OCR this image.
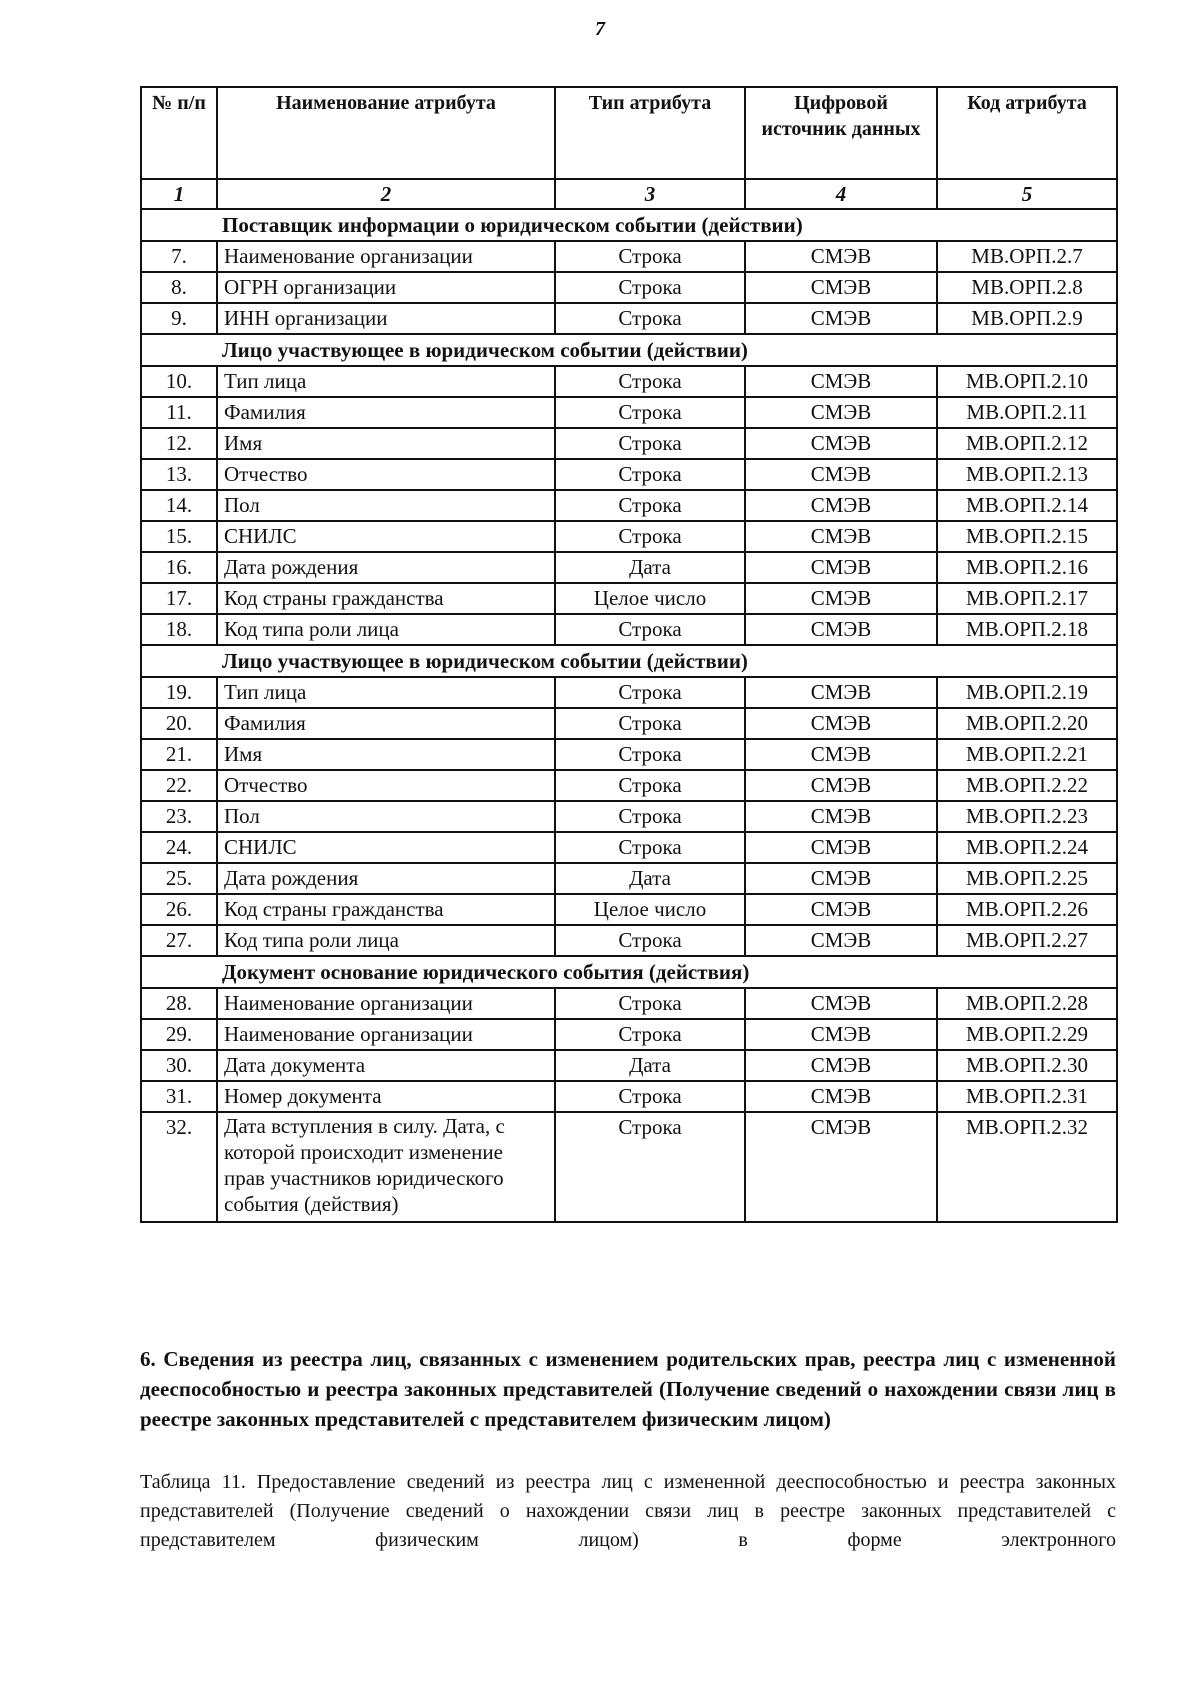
7
№ п/п	Наименование атрибута	Тип атрибута	Цифровой источник данных	Код атрибута
1	2	3	4	5
Поставщик информации о юридическом событии (действии)				
7.	Наименование организации	Строка	СМЭВ	МВ.ОРП.2.7
8.	ОГРН организации	Строка	СМЭВ	МВ.ОРП.2.8
9.	ИНН организации	Строка	СМЭВ	МВ.ОРП.2.9
Лицо участвующее в юридическом событии (действии)				
10.	Тип лица	Строка	СМЭВ	МВ.ОРП.2.10
11.	Фамилия	Строка	СМЭВ	МВ.ОРП.2.11
12.	Имя	Строка	СМЭВ	МВ.ОРП.2.12
13.	Отчество	Строка	СМЭВ	МВ.ОРП.2.13
14.	Пол	Строка	СМЭВ	МВ.ОРП.2.14
15.	СНИЛС	Строка	СМЭВ	МВ.ОРП.2.15
16.	Дата рождения	Дата	СМЭВ	МВ.ОРП.2.16
17.	Код страны гражданства	Целое число	СМЭВ	МВ.ОРП.2.17
18.	Код типа роли лица	Строка	СМЭВ	МВ.ОРП.2.18
Лицо участвующее в юридическом событии (действии)				
19.	Тип лица	Строка	СМЭВ	МВ.ОРП.2.19
20.	Фамилия	Строка	СМЭВ	МВ.ОРП.2.20
21.	Имя	Строка	СМЭВ	МВ.ОРП.2.21
22.	Отчество	Строка	СМЭВ	МВ.ОРП.2.22
23.	Пол	Строка	СМЭВ	МВ.ОРП.2.23
24.	СНИЛС	Строка	СМЭВ	МВ.ОРП.2.24
25.	Дата рождения	Дата	СМЭВ	МВ.ОРП.2.25
26.	Код страны гражданства	Целое число	СМЭВ	МВ.ОРП.2.26
27.	Код типа роли лица	Строка	СМЭВ	МВ.ОРП.2.27
Документ основание юридического события (действия)				
28.	Наименование организации	Строка	СМЭВ	МВ.ОРП.2.28
29.	Наименование организации	Строка	СМЭВ	МВ.ОРП.2.29
30.	Дата документа	Дата	СМЭВ	МВ.ОРП.2.30
31.	Номер документа	Строка	СМЭВ	МВ.ОРП.2.31
32.	Дата вступления в силу. Дата, с которой происходит изменение прав участников юридического события (действия)	Строка	СМЭВ	МВ.ОРП.2.32
6. Сведения из реестра лиц, связанных с изменением родительских прав, реестра лиц с измененной дееспособностью и реестра законных представителей (Получение сведений о нахождении связи лиц в реестре законных представителей с представителем физическим лицом)
Таблица 11. Предоставление сведений из реестра лиц с измененной дееспособностью и реестра законных представителей (Получение сведений о нахождении связи лиц в реестре законных представителей с представителем физическим лицом) в форме электронного
